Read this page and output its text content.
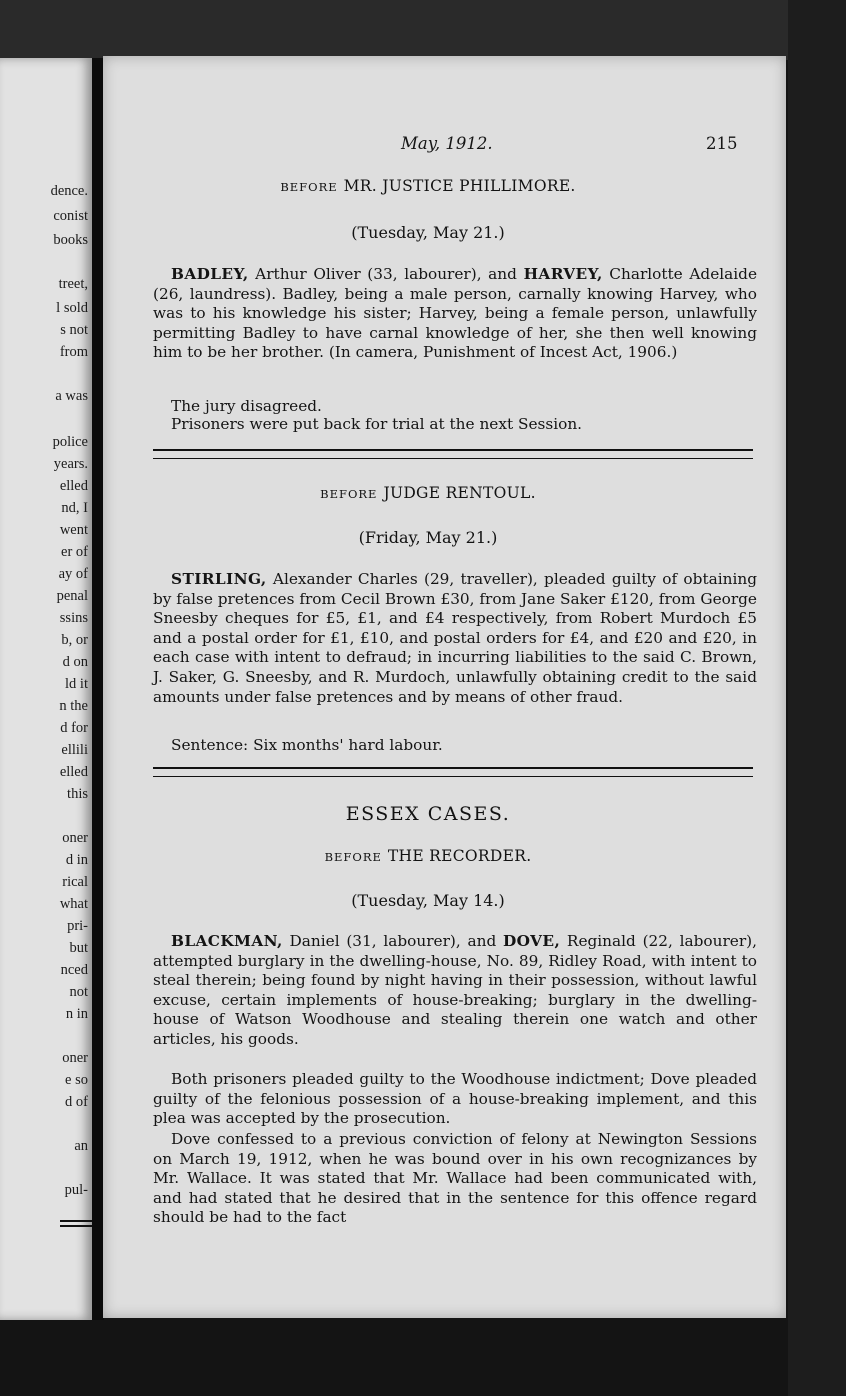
dence.
conist
books
treet,
l sold
s not
from
a was
police
years.
elled
nd, I
went
er of
ay of
penal
ssins
b, or
d on
ld it
n the
d for
ellili
elled
this
oner
d in
rical
what
pri-
but
nced
not
n in
oner
e so
d of
an
pul-
May, 1912.	215
BEFORE MR. JUSTICE PHILLIMORE.
(Tuesday, May 21.)

BADLEY, Arthur Oliver (33, labourer), and HARVEY, Charlotte Adelaide (26, laundress). Badley, being a male person, carnally knowing Harvey, who was to his knowledge his sister; Harvey, being a female person, unlawfully permitting Badley to have carnal knowledge of her, she then well knowing him to be her brother. (In camera, Punishment of Incest Act, 1906.)

The jury disagreed.

Prisoners were put back for trial at the next Session.

BEFORE JUDGE RENTOUL.
(Friday, May 21.)

STIRLING, Alexander Charles (29, traveller), pleaded guilty of obtaining by false pretences from Cecil Brown £30, from Jane Saker £120, from George Sneesby cheques for £5, £1, and £4 respectively, from Robert Murdoch £5 and a postal order for £1, £10, and postal orders for £4, and £20 and £20, in each case with intent to defraud; in incurring liabilities to the said C. Brown, J. Saker, G. Sneesby, and R. Murdoch, unlawfully obtaining credit to the said amounts under false pretences and by means of other fraud.

Sentence: Six months' hard labour.

ESSEX CASES.
BEFORE THE RECORDER.
(Tuesday, May 14.)

BLACKMAN, Daniel (31, labourer), and DOVE, Reginald (22, labourer), attempted burglary in the dwelling-house, No. 89, Ridley Road, with intent to steal therein; being found by night having in their possession, without lawful excuse, certain implements of house-breaking; burglary in the dwelling-house of Watson Woodhouse and stealing therein one watch and other articles, his goods.

Both prisoners pleaded guilty to the Woodhouse indictment; Dove pleaded guilty of the felonious possession of a house-breaking implement, and this plea was accepted by the prosecution.

Dove confessed to a previous conviction of felony at Newington Sessions on March 19, 1912, when he was bound over in his own recognizances by Mr. Wallace. It was stated that Mr. Wallace had been communicated with, and had stated that he desired that in the sentence for this offence regard should be had to the fact
